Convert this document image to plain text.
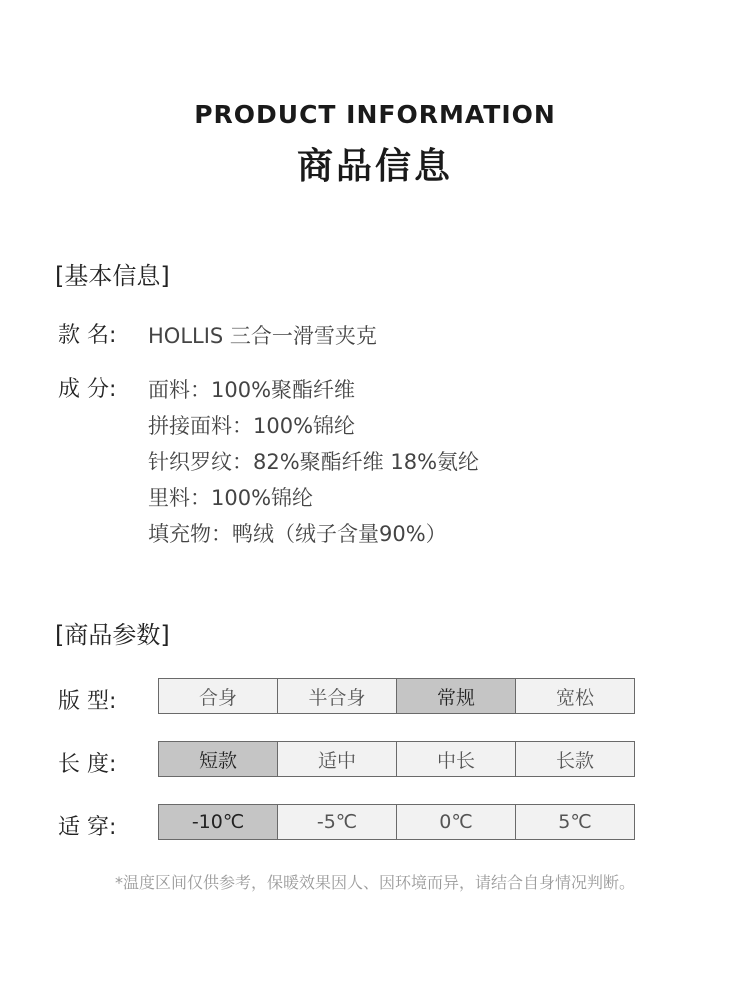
PRODUCT INFORMATION
商品信息
[基本信息]
款 名: HOLLIS 三合一滑雪夹克
成 分: 面料：100%聚酯纤维
拼接面料：100%锦纶
针织罗纹：82%聚酯纤维 18%氨纶
里料：100%锦纶
填充物：鸭绒（绒子含量90%）
[商品参数]
版 型:	合身	半合身	常规	宽松
长 度:	短款	适中	中长	长款
适 穿:	-10℃	-5℃	0℃	5℃
*温度区间仅供参考，保暖效果因人、因环境而异，请结合自身情况判断。
